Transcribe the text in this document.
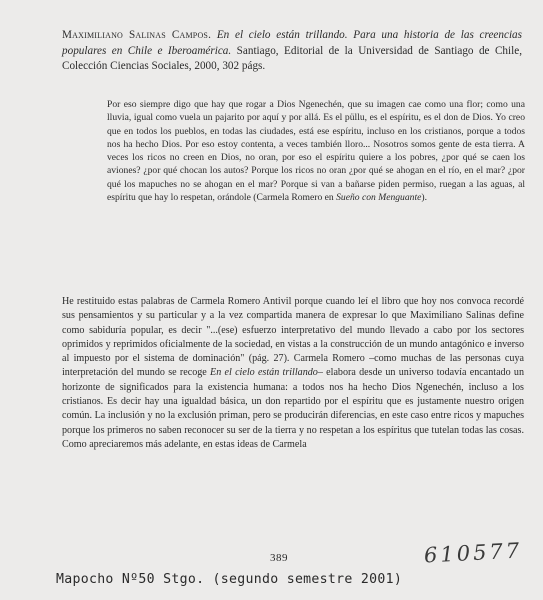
Maximiliano Salinas Campos. En el cielo están trillando. Para una historia de las creencias populares en Chile e Iberoamérica. Santiago, Editorial de la Universidad de Santiago de Chile, Colección Ciencias Sociales, 2000, 302 págs.
Por eso siempre digo que hay que rogar a Dios Ngenechén, que su imagen cae como una flor; como una lluvia, igual como vuela un pajarito por aquí y por allá. Es el püllu, es el espíritu, es el don de Dios. Yo creo que en todos los pueblos, en todas las ciudades, está ese espíritu, incluso en los cristianos, porque a todos nos ha hecho Dios. Por eso estoy contenta, a veces también lloro... Nosotros somos gente de esta tierra. A veces los ricos no creen en Dios, no oran, por eso el espíritu quiere a los pobres, ¿por qué se caen los aviones? ¿por qué chocan los autos? Porque los ricos no oran ¿por qué se ahogan en el río, en el mar? ¿por qué los mapuches no se ahogan en el mar? Porque si van a bañarse piden permiso, ruegan a las aguas, al espíritu que hay lo respetan, orándole (Carmela Romero en Sueño con Menguante).
He restituido estas palabras de Carmela Romero Antivil porque cuando leí el libro que hoy nos convoca recordé sus pensamientos y su particular y a la vez compartida manera de expresar lo que Maximiliano Salinas define como sabiduría popular, es decir "...(ese) esfuerzo interpretativo del mundo llevado a cabo por los sectores oprimidos y reprimidos oficialmente de la sociedad, en vistas a la construcción de un mundo antagónico e inverso al impuesto por el sistema de dominación" (pág. 27). Carmela Romero –como muchas de las personas cuya interpretación del mundo se recoge En el cielo están trillando– elabora desde un universo todavía encantado un horizonte de significados para la existencia humana: a todos nos ha hecho Dios Ngenechén, incluso a los cristianos. Es decir hay una igualdad básica, un don repartido por el espíritu que es justamente nuestro origen común. La inclusión y no la exclusión priman, pero se producirán diferencias, en este caso entre ricos y mapuches porque los primeros no saben reconocer su ser de la tierra y no respetan a los espíritus que tutelan todas las cosas. Como apreciaremos más adelante, en estas ideas de Carmela
389	610577
Mapocho Nº50 Stgo. (segundo semestre 2001)
